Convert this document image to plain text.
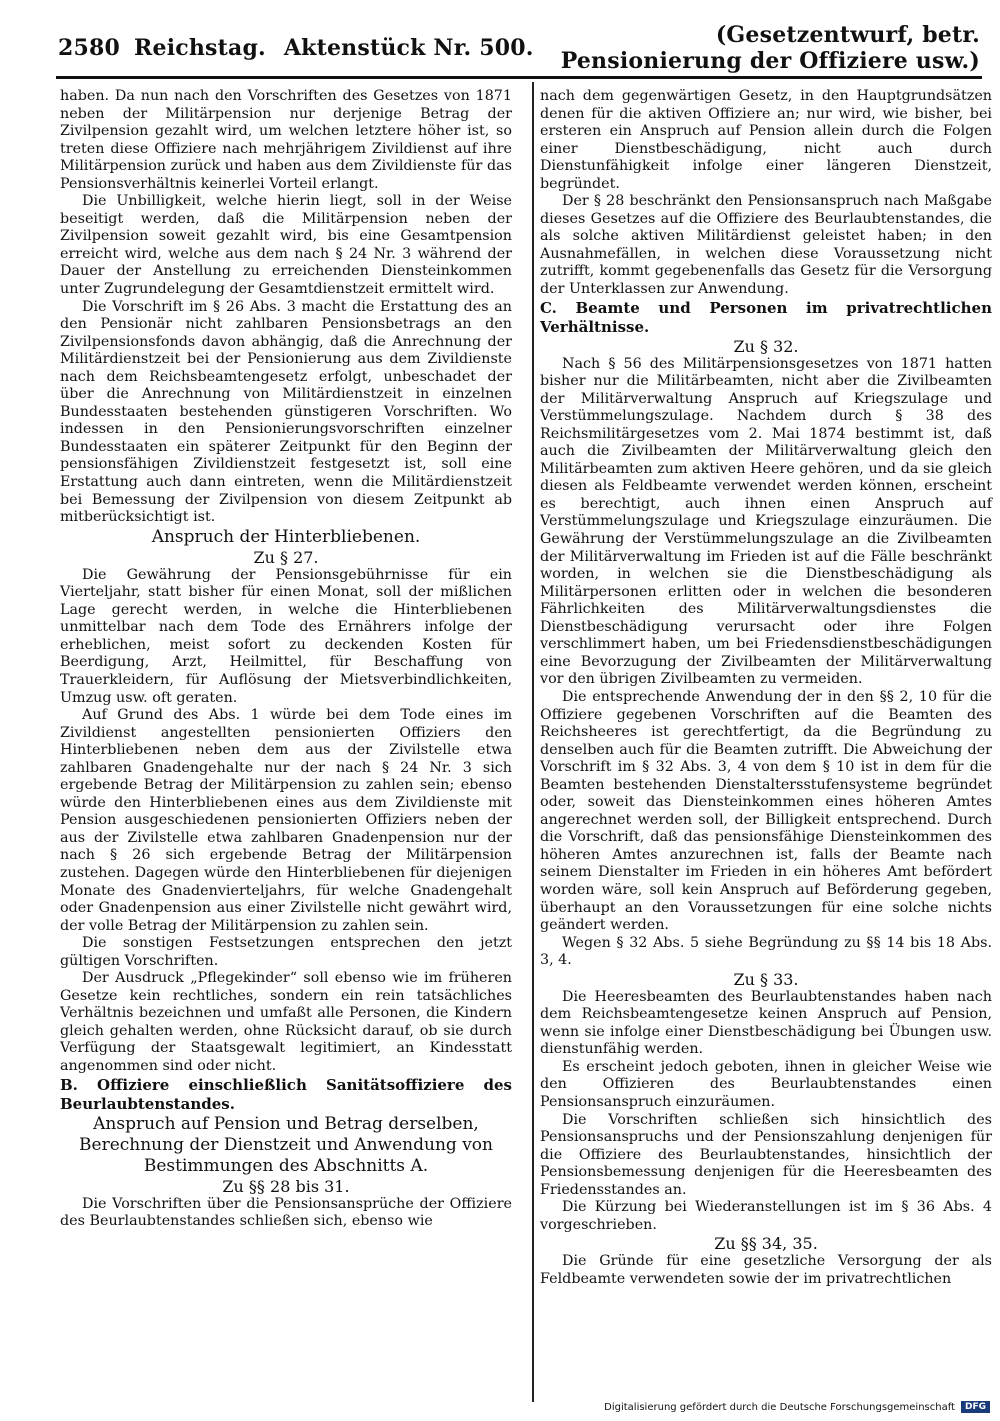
2580 Reichstag. Aktenstück Nr. 500.	(Gesetzentwurf, betr. Pensionierung der Offiziere usw.)

haben. Da nun nach den Vorschriften des Gesetzes von 1871 neben der Militärpension nur derjenige Betrag der Zivilpension gezahlt wird, um welchen letztere höher ist, so treten diese Offiziere nach mehrjährigem Zivildienst auf ihre Militärpension zurück und haben aus dem Zivildienste für das Pensionsverhältnis keinerlei Vorteil erlangt.

Die Unbilligkeit, welche hierin liegt, soll in der Weise beseitigt werden, daß die Militärpension neben der Zivilpension soweit gezahlt wird, bis eine Gesamtpension erreicht wird, welche aus dem nach § 24 Nr. 3 während der Dauer der Anstellung zu erreichenden Diensteinkommen unter Zugrundelegung der Gesamtdienstzeit ermittelt wird.

Die Vorschrift im § 26 Abs. 3 macht die Erstattung des an den Pensionär nicht zahlbaren Pensionsbetrags an den Zivilpensionsfonds davon abhängig, daß die Anrechnung der Militärdienstzeit bei der Pensionierung aus dem Zivildienste nach dem Reichsbeamtengesetz erfolgt, unbeschadet der über die Anrechnung von Militärdienstzeit in einzelnen Bundesstaaten bestehenden günstigeren Vorschriften. Wo indessen in den Pensionierungsvorschriften einzelner Bundesstaaten ein späterer Zeitpunkt für den Beginn der pensionsfähigen Zivildienstzeit festgesetzt ist, soll eine Erstattung auch dann eintreten, wenn die Militärdienstzeit bei Bemessung der Zivilpension von diesem Zeitpunkt ab mitberücksichtigt ist.

Anspruch der Hinterbliebenen.

Zu § 27.

Die Gewährung der Pensionsgebührnisse für ein Vierteljahr, statt bisher für einen Monat, soll der mißlichen Lage gerecht werden, in welche die Hinterbliebenen unmittelbar nach dem Tode des Ernährers infolge der erheblichen, meist sofort zu deckenden Kosten für Beerdigung, Arzt, Heilmittel, für Beschaffung von Trauerkleidern, für Auflösung der Mietsverbindlichkeiten, Umzug usw. oft geraten.

Auf Grund des Abs. 1 würde bei dem Tode eines im Zivildienst angestellten pensionierten Offiziers den Hinterbliebenen neben dem aus der Zivilstelle etwa zahlbaren Gnadengehalte nur der nach § 24 Nr. 3 sich ergebende Betrag der Militärpension zu zahlen sein; ebenso würde den Hinterbliebenen eines aus dem Zivildienste mit Pension ausgeschiedenen pensionierten Offiziers neben der aus der Zivilstelle etwa zahlbaren Gnadenpension nur der nach § 26 sich ergebende Betrag der Militärpension zustehen. Dagegen würde den Hinterbliebenen für diejenigen Monate des Gnadenvierteljahrs, für welche Gnadengehalt oder Gnadenpension aus einer Zivilstelle nicht gewährt wird, der volle Betrag der Militärpension zu zahlen sein.

Die sonstigen Festsetzungen entsprechen den jetzt gültigen Vorschriften.

Der Ausdruck „Pflegekinder“ soll ebenso wie im früheren Gesetze kein rechtliches, sondern ein rein tatsächliches Verhältnis bezeichnen und umfaßt alle Personen, die Kindern gleich gehalten werden, ohne Rücksicht darauf, ob sie durch Verfügung der Staatsgewalt legitimiert, an Kindesstatt angenommen sind oder nicht.

B. Offiziere einschließlich Sanitätsoffiziere des Beurlaubtenstandes.

Anspruch auf Pension und Betrag derselben, Berechnung der Dienstzeit und Anwendung von Bestimmungen des Abschnitts A.

Zu §§ 28 bis 31.

Die Vorschriften über die Pensionsansprüche der Offiziere des Beurlaubtenstandes schließen sich, ebenso wie

nach dem gegenwärtigen Gesetz, in den Hauptgrundsätzen denen für die aktiven Offiziere an; nur wird, wie bisher, bei ersteren ein Anspruch auf Pension allein durch die Folgen einer Dienstbeschädigung, nicht auch durch Dienstunfähigkeit infolge einer längeren Dienstzeit, begründet.

Der § 28 beschränkt den Pensionsanspruch nach Maßgabe dieses Gesetzes auf die Offiziere des Beurlaubtenstandes, die als solche aktiven Militärdienst geleistet haben; in den Ausnahmefällen, in welchen diese Voraussetzung nicht zutrifft, kommt gegebenenfalls das Gesetz für die Versorgung der Unterklassen zur Anwendung.

C. Beamte und Personen im privatrechtlichen Verhältnisse.

Zu § 32.

Nach § 56 des Militärpensionsgesetzes von 1871 hatten bisher nur die Militärbeamten, nicht aber die Zivilbeamten der Militärverwaltung Anspruch auf Kriegszulage und Verstümmelungszulage. Nachdem durch § 38 des Reichsmilitärgesetzes vom 2. Mai 1874 bestimmt ist, daß auch die Zivilbeamten der Militärverwaltung gleich den Militärbeamten zum aktiven Heere gehören, und da sie gleich diesen als Feldbeamte verwendet werden können, erscheint es berechtigt, auch ihnen einen Anspruch auf Verstümmelungszulage und Kriegszulage einzuräumen. Die Gewährung der Verstümmelungszulage an die Zivilbeamten der Militärverwaltung im Frieden ist auf die Fälle beschränkt worden, in welchen sie die Dienstbeschädigung als Militärpersonen erlitten oder in welchen die besonderen Fährlichkeiten des Militärverwaltungsdienstes die Dienstbeschädigung verursacht oder ihre Folgen verschlimmert haben, um bei Friedensdienstbeschädigungen eine Bevorzugung der Zivilbeamten der Militärverwaltung vor den übrigen Zivilbeamten zu vermeiden.

Die entsprechende Anwendung der in den §§ 2, 10 für die Offiziere gegebenen Vorschriften auf die Beamten des Reichsheeres ist gerechtfertigt, da die Begründung zu denselben auch für die Beamten zutrifft. Die Abweichung der Vorschrift im § 32 Abs. 3, 4 von dem § 10 ist in dem für die Beamten bestehenden Dienstaltersstufensysteme begründet oder, soweit das Diensteinkommen eines höheren Amtes angerechnet werden soll, der Billigkeit entsprechend. Durch die Vorschrift, daß das pensionsfähige Diensteinkommen des höheren Amtes anzurechnen ist, falls der Beamte nach seinem Dienstalter im Frieden in ein höheres Amt befördert worden wäre, soll kein Anspruch auf Beförderung gegeben, überhaupt an den Voraussetzungen für eine solche nichts geändert werden.

Wegen § 32 Abs. 5 siehe Begründung zu §§ 14 bis 18 Abs. 3, 4.

Zu § 33.

Die Heeresbeamten des Beurlaubtenstandes haben nach dem Reichsbeamtengesetze keinen Anspruch auf Pension, wenn sie infolge einer Dienstbeschädigung bei Übungen usw. dienstunfähig werden.

Es erscheint jedoch geboten, ihnen in gleicher Weise wie den Offizieren des Beurlaubtenstandes einen Pensionsanspruch einzuräumen.

Die Vorschriften schließen sich hinsichtlich des Pensionsanspruchs und der Pensionszahlung denjenigen für die Offiziere des Beurlaubtenstandes, hinsichtlich der Pensionsbemessung denjenigen für die Heeresbeamten des Friedensstandes an.

Die Kürzung bei Wiederanstellungen ist im § 36 Abs. 4 vorgeschrieben.

Zu §§ 34, 35.

Die Gründe für eine gesetzliche Versorgung der als Feldbeamte verwendeten sowie der im privatrechtlichen

Digitalisierung gefördert durch die Deutsche Forschungsgemeinschaft	DFG
